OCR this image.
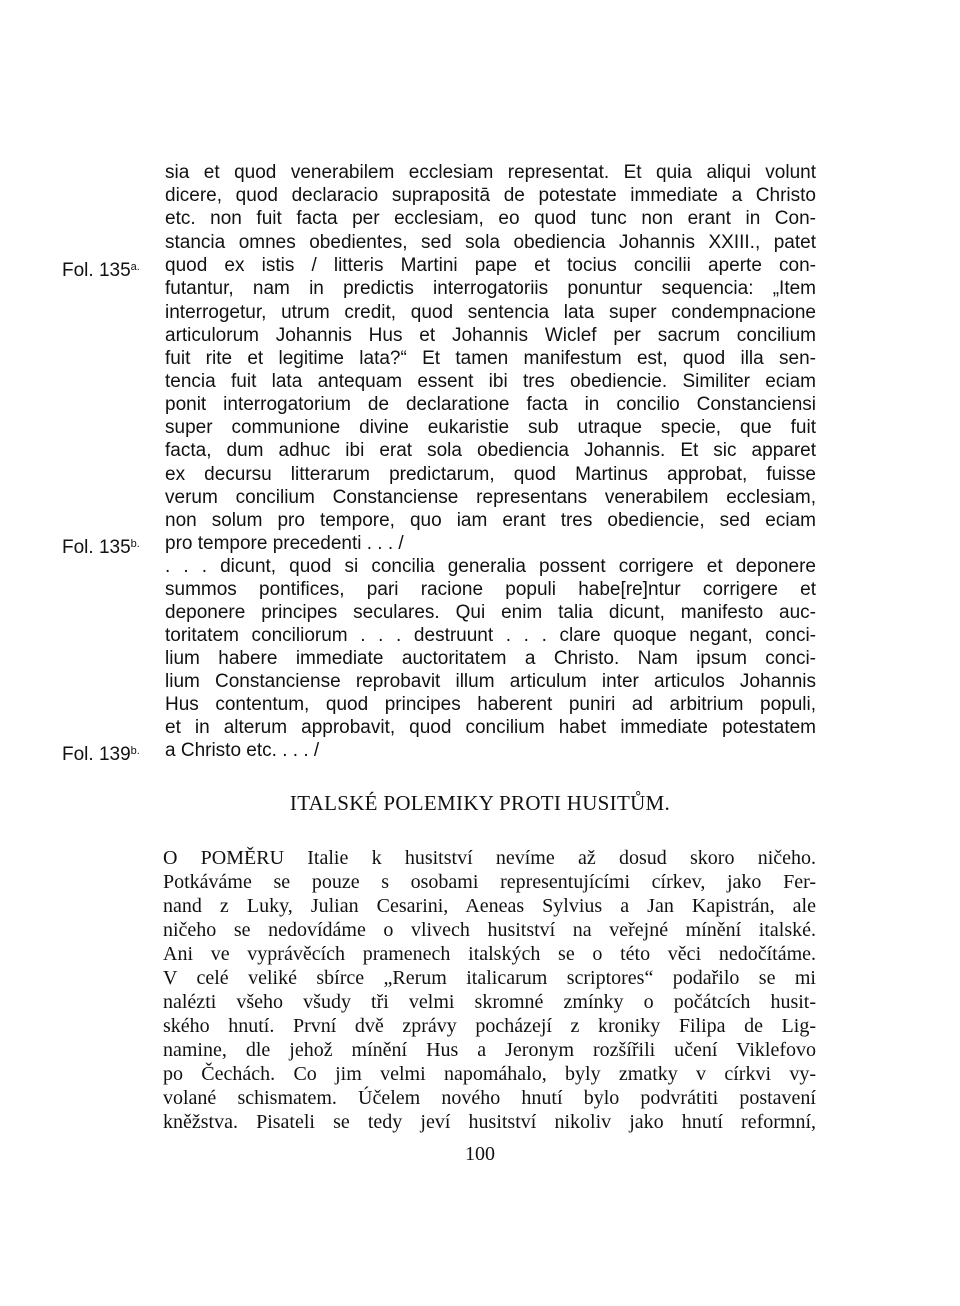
sia et quod venerabilem ecclesiam representat. Et quia aliqui volunt
dicere, quod declaracio suprapositā de potestate immediate a Christo
etc. non fuit facta per ecclesiam, eo quod tunc non erant in Con-
stancia omnes obedientes, sed sola obediencia Johannis XXIII., patet
quod ex istis / litteris Martini pape et tocius concilii aperte con-
futantur, nam in predictis interrogatoriis ponuntur sequencia: „Item
interrogetur, utrum credit, quod sentencia lata super condempnacione
articulorum Johannis Hus et Johannis Wiclef per sacrum concilium
fuit rite et legitime lata?“ Et tamen manifestum est, quod illa sen-
tencia fuit lata antequam essent ibi tres obediencie. Similiter eciam
ponit interrogatorium de declaratione facta in concilio Constanciensi
super communione divine eukaristie sub utraque specie, que fuit
facta, dum adhuc ibi erat sola obediencia Johannis. Et sic apparet
ex decursu litterarum predictarum, quod Martinus approbat, fuisse
verum concilium Constanciense representans venerabilem ecclesiam,
non solum pro tempore, quo iam erant tres obediencie, sed eciam
pro tempore precedenti . . . /
. . . dicunt, quod si concilia generalia possent corrigere et deponere
summos pontifices, pari racione populi habe[re]ntur corrigere et
deponere principes seculares. Qui enim talia dicunt, manifesto auc-
toritatem conciliorum . . . destruunt . . . clare quoque negant, conci-
lium habere immediate auctoritatem a Christo. Nam ipsum conci-
lium Constanciense reprobavit illum articulum inter articulos Johannis
Hus contentum, quod principes haberent puniri ad arbitrium populi,
et in alterum approbavit, quod concilium habet immediate potestatem
a Christo etc. . . . /
Fol. $135^{a.}$
Fol. $135^{b.}$
Fol. $139^{b.}$
ITALSKÉ POLEMIKY PROTI HUSITŮM.
O POMĚRU Italie k husitství nevíme až dosud skoro ničeho.
Potkáváme se pouze s osobami representujícími církev, jako Fer-
nand z Luky, Julian Cesarini, Aeneas Sylvius a Jan Kapistrán, ale
ničeho se nedovídáme o vlivech husitství na veřejné mínění italské.
Ani ve vyprávěcích pramenech italských se o této věci nedočítáme.
V celé veliké sbírce „Rerum italicarum scriptores“ podařilo se mi
nalézti všeho všudy tři velmi skromné zmínky o počátcích husit-
ského hnutí. První dvě zprávy pocházejí z kroniky Filipa de Lig-
namine, dle jehož mínění Hus a Jeronym rozšířili učení Viklefovo
po Čechách. Co jim velmi napomáhalo, byly zmatky v církvi vy-
volané schismatem. Účelem nového hnutí bylo podvrátiti postavení
kněžstva. Pisateli se tedy jeví husitství nikoliv jako hnutí reformní,
100
